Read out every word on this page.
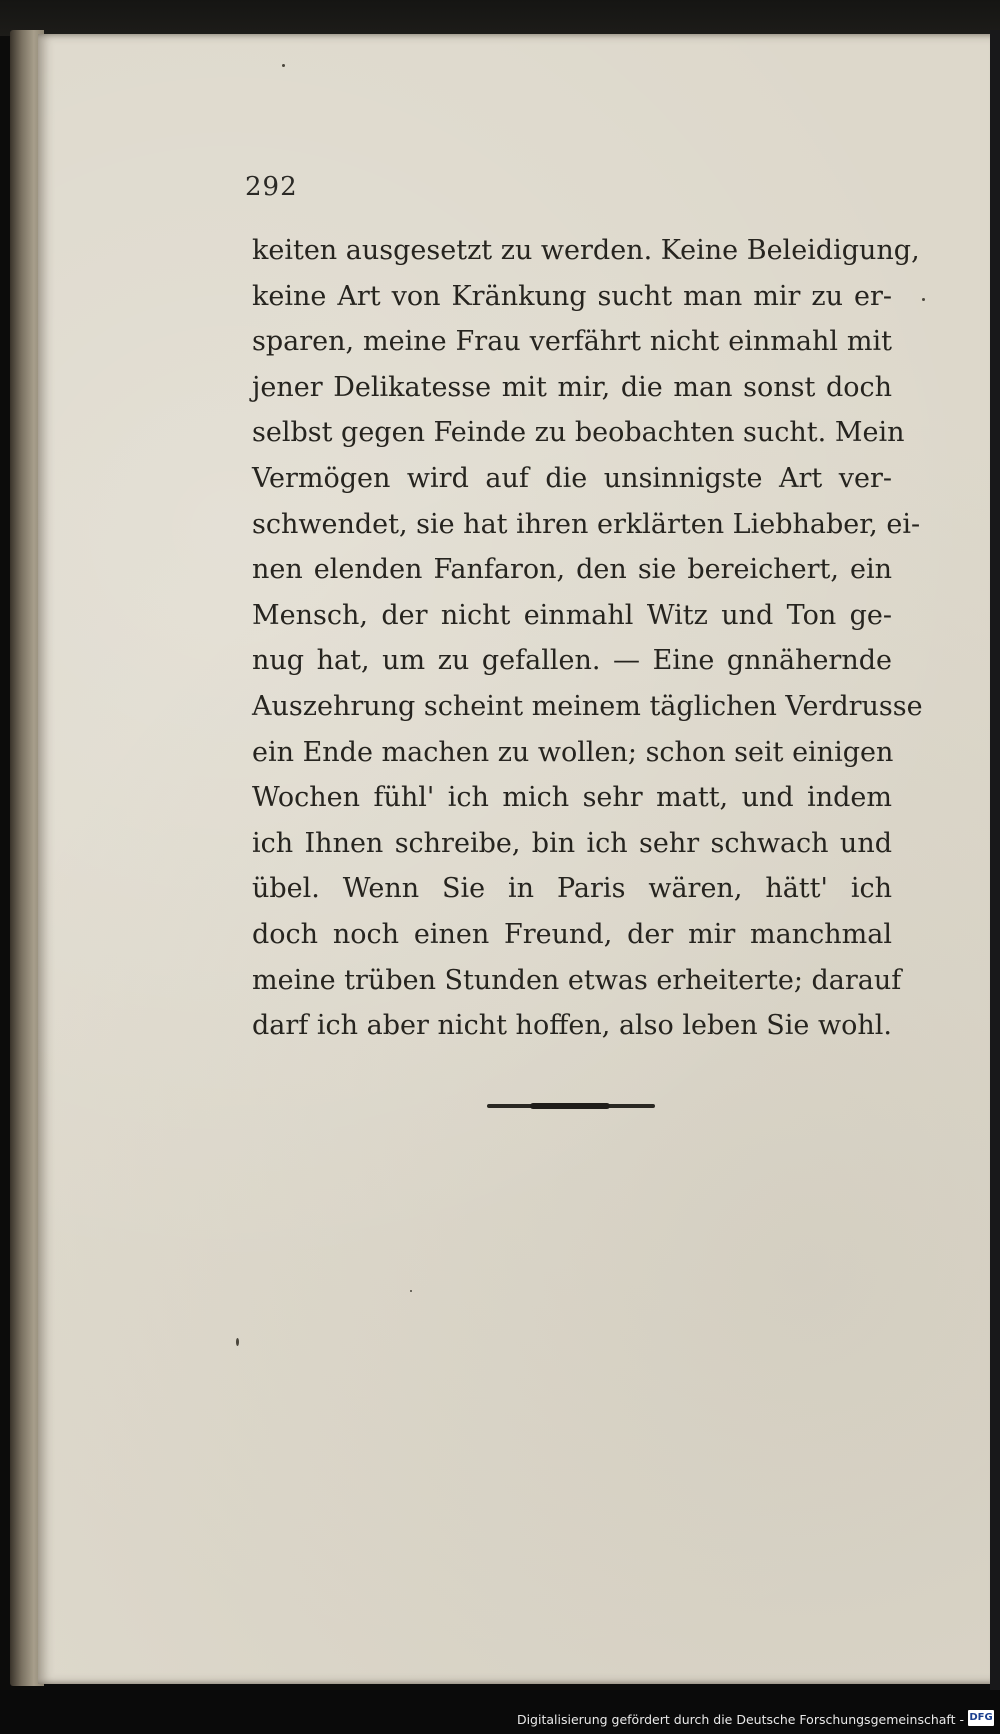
292
keiten ausgesetzt zu werden. Keine Beleidigung,
keine Art von Kränkung sucht man mir zu er-
sparen, meine Frau verfährt nicht einmahl mit
jener Delikatesse mit mir, die man sonst doch
selbst gegen Feinde zu beobachten sucht. Mein
Vermögen wird auf die unsinnigste Art ver-
schwendet, sie hat ihren erklärten Liebhaber, ei-
nen elenden Fanfaron, den sie bereichert, ein
Mensch, der nicht einmahl Witz und Ton ge-
nug hat, um zu gefallen. — Eine gnnähernde
Auszehrung scheint meinem täglichen Verdrusse
ein Ende machen zu wollen; schon seit einigen
Wochen fühl' ich mich sehr matt, und indem
ich Ihnen schreibe, bin ich sehr schwach und
übel. Wenn Sie in Paris wären, hätt' ich
doch noch einen Freund, der mir manchmal
meine trüben Stunden etwas erheiterte; darauf
darf ich aber nicht hoffen, also leben Sie wohl.
Digitalisierung gefördert durch die Deutsche Forschungsgemeinschaft - DFG
